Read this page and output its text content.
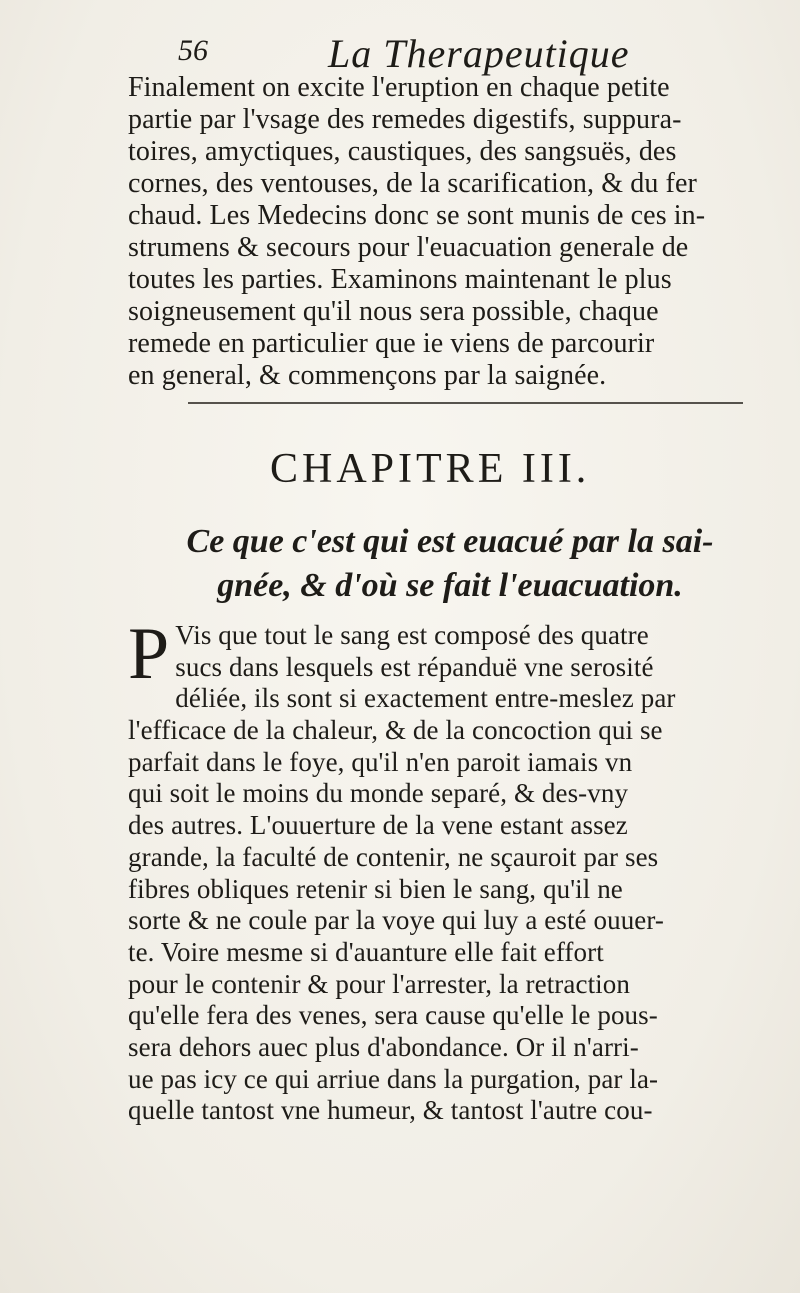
56	La Therapeutique
Finalement on excite l'eruption en chaque petite
partie par l'vsage des remedes digestifs, suppura-
toires, amyctiques, caustiques, des sangsuës, des
cornes, des ventouses, de la scarification, & du fer
chaud. Les Medecins donc se sont munis de ces in-
strumens & secours pour l'euacuation generale de
toutes les parties. Examinons maintenant le plus
soigneusement qu'il nous sera possible, chaque
remede en particulier que ie viens de parcourir
en general, & commençons par la saignée.
CHAPITRE III.
Ce que c'est qui est euacué par la sai-
gnée, & d'où se fait l'euacuation.
P Vis que tout le sang est composé des quatre
sucs dans lesquels est répanduë vne serosité
déliée, ils sont si exactement entre-meslez par
l'efficace de la chaleur, & de la concoction qui se
parfait dans le foye, qu'il n'en paroit iamais vn
qui soit le moins du monde separé, & des-vny
des autres. L'ouuerture de la vene estant assez
grande, la faculté de contenir, ne sçauroit par ses
fibres obliques retenir si bien le sang, qu'il ne
sorte & ne coule par la voye qui luy a esté ouuer-
te. Voire mesme si d'auanture elle fait effort
pour le contenir & pour l'arrester, la retraction
qu'elle fera des venes, sera cause qu'elle le pous-
sera dehors auec plus d'abondance. Or il n'arri-
ue pas icy ce qui arriue dans la purgation, par la-
quelle tantost vne humeur, & tantost l'autre cou-
